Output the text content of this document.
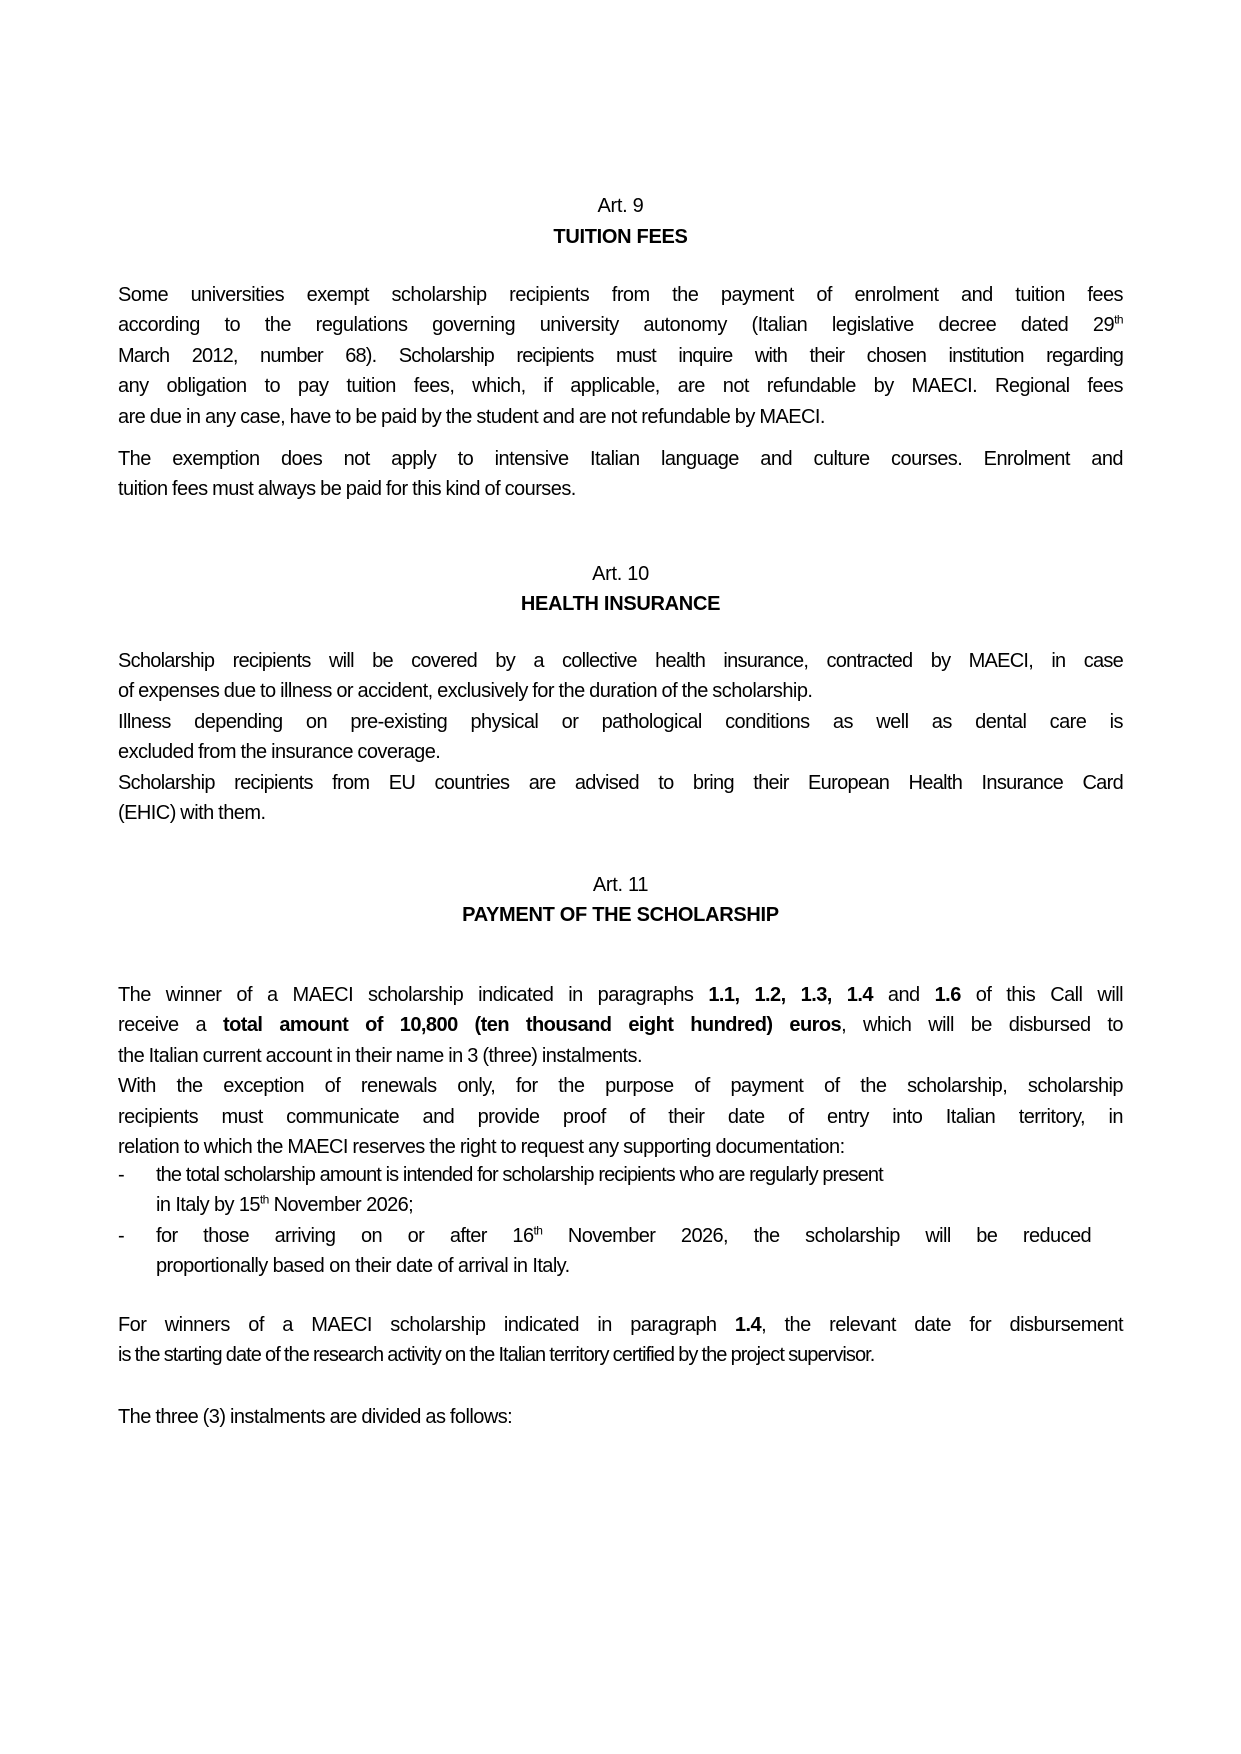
Art. 9
TUITION FEES
Some universities exempt scholarship recipients from the payment of enrolment and tuition fees
according to the regulations governing university autonomy (Italian legislative decree dated 29th
March 2012, number 68). Scholarship recipients must inquire with their chosen institution regarding
any obligation to pay tuition fees, which, if applicable, are not refundable by MAECI. Regional fees
are due in any case, have to be paid by the student and are not refundable by MAECI.
The exemption does not apply to intensive Italian language and culture courses. Enrolment and
tuition fees must always be paid for this kind of courses.
Art. 10
HEALTH INSURANCE
Scholarship recipients will be covered by a collective health insurance, contracted by MAECI, in case
of expenses due to illness or accident, exclusively for the duration of the scholarship.
Illness depending on pre-existing physical or pathological conditions as well as dental care is
excluded from the insurance coverage.
Scholarship recipients from EU countries are advised to bring their European Health Insurance Card
(EHIC) with them.
Art. 11
PAYMENT OF THE SCHOLARSHIP
The winner of a MAECI scholarship indicated in paragraphs 1.1, 1.2, 1.3, 1.4 and 1.6 of this Call will
receive a total amount of 10,800 (ten thousand eight hundred) euros, which will be disbursed to
the Italian current account in their name in 3 (three) instalments.
With the exception of renewals only, for the purpose of payment of the scholarship, scholarship
recipients must communicate and provide proof of their date of entry into Italian territory, in
relation to which the MAECI reserves the right to request any supporting documentation:
- the total scholarship amount is intended for scholarship recipients who are regularly present
in Italy by 15th November 2026;
- for those arriving on or after 16th November 2026, the scholarship will be reduced
proportionally based on their date of arrival in Italy.
For winners of a MAECI scholarship indicated in paragraph 1.4, the relevant date for disbursement
is the starting date of the research activity on the Italian territory certified by the project supervisor.
The three (3) instalments are divided as follows:
